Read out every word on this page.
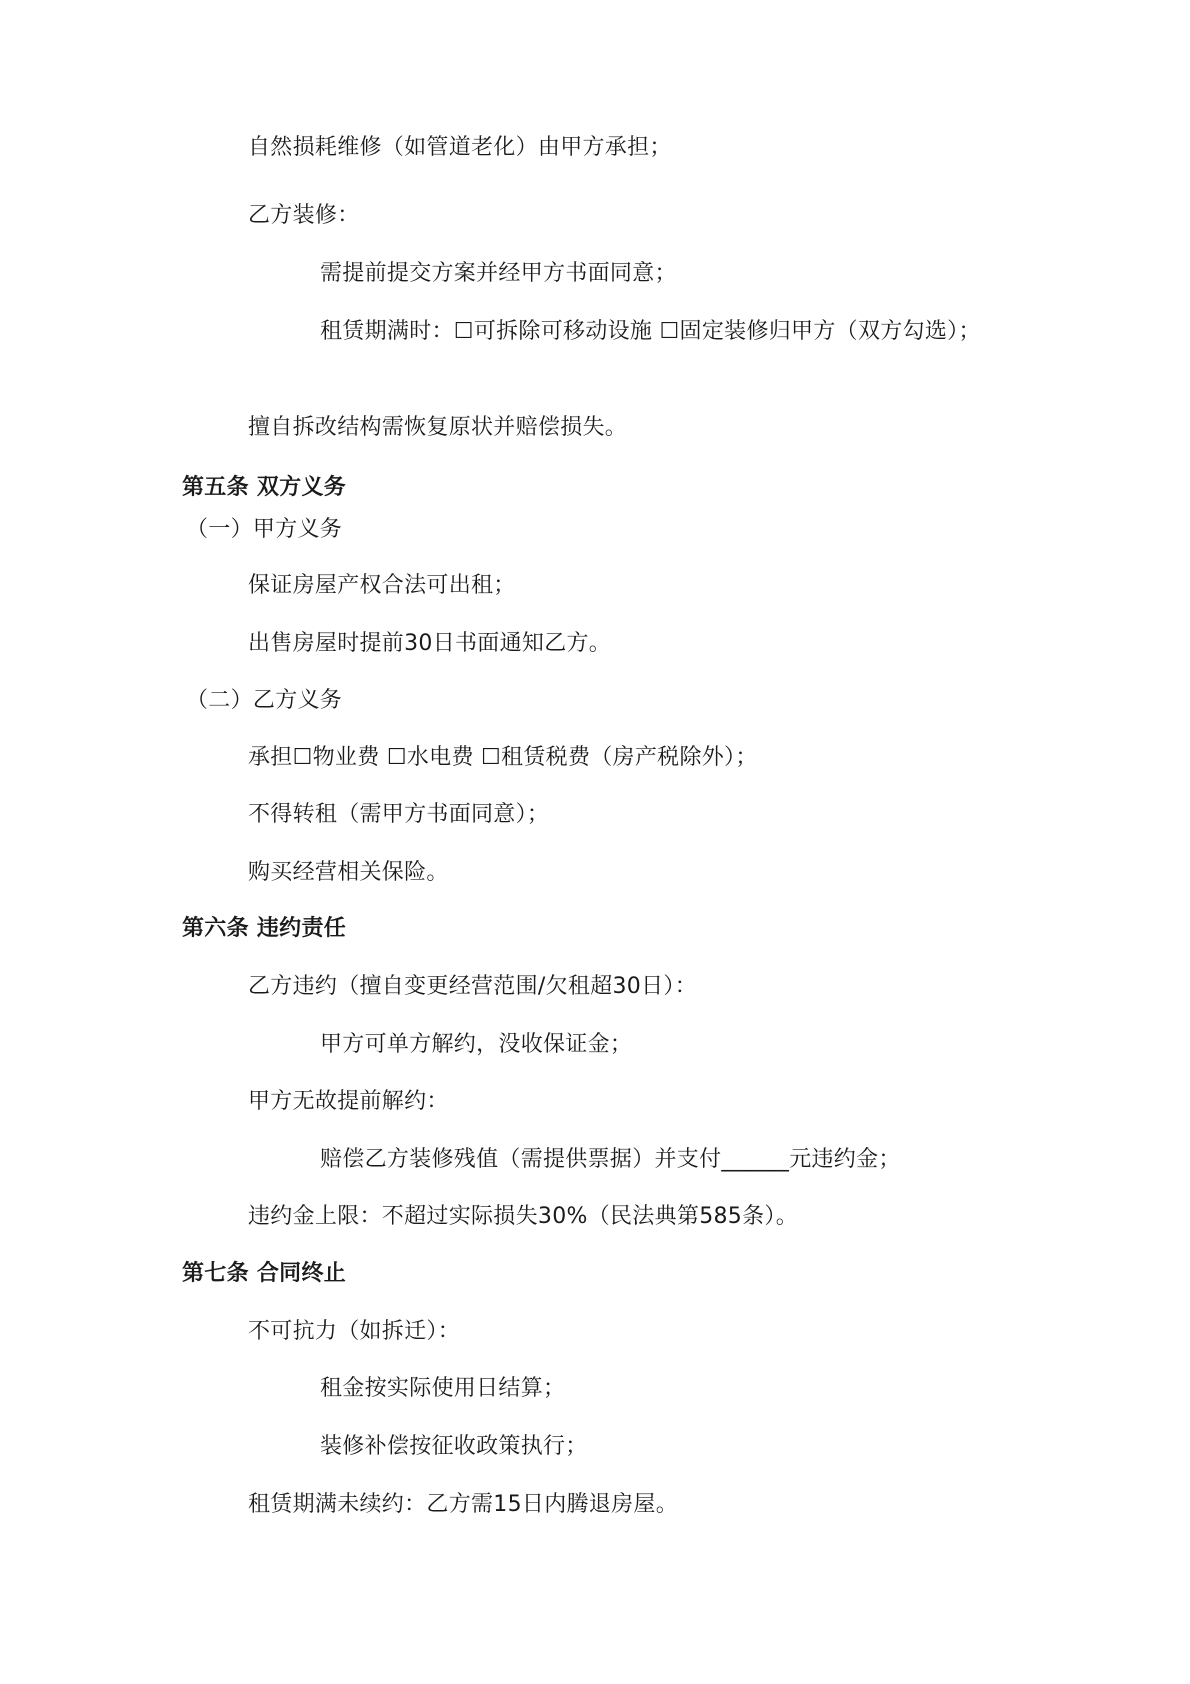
自然损耗维修（如管道老化）由甲方承担；
乙方装修：
需提前提交方案并经甲方书面同意；
租赁期满时：☐可拆除可移动设施 ☐固定装修归甲方（双方勾选）；
擅自拆改结构需恢复原状并赔偿损失。
第五条 双方义务
（一）甲方义务
保证房屋产权合法可出租；
出售房屋时提前30日书面通知乙方。
（二）乙方义务
承担☐物业费 ☐水电费 ☐租赁税费（房产税除外）；
不得转租（需甲方书面同意）；
购买经营相关保险。
第六条 违约责任
乙方违约（擅自变更经营范围/欠租超30日）：
甲方可单方解约，没收保证金；
甲方无故提前解约：
赔偿乙方装修残值（需提供票据）并支付______元违约金；
违约金上限：不超过实际损失30%（民法典第585条）。
第七条 合同终止
不可抗力（如拆迁）：
租金按实际使用日结算；
装修补偿按征收政策执行；
租赁期满未续约：乙方需15日内腾退房屋。
